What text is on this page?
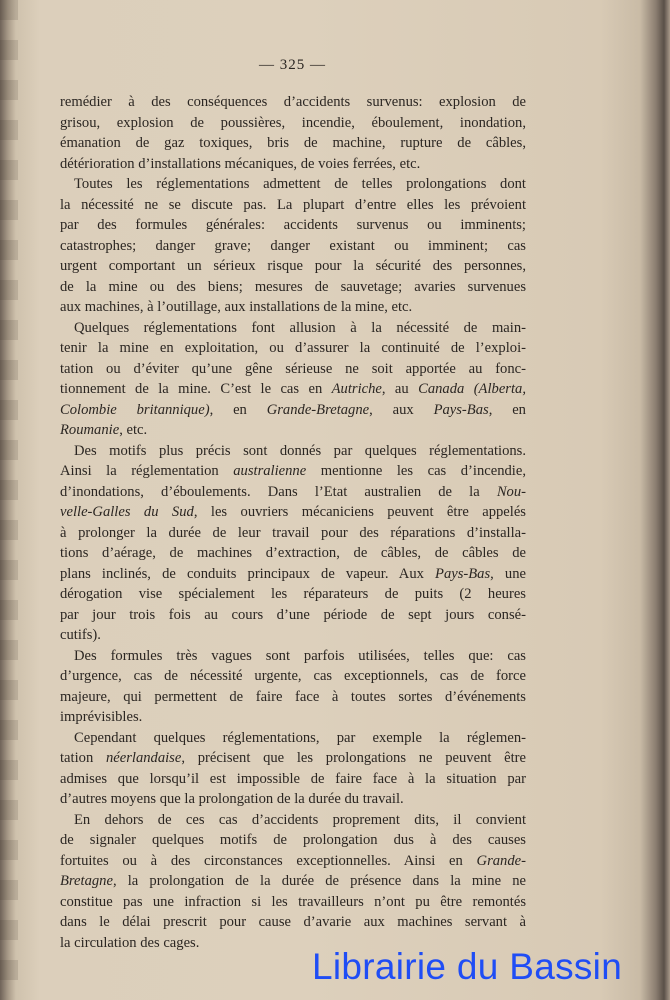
— 325 —
remédier à des conséquences d’accidents survenus: explosion de
grisou, explosion de poussières, incendie, éboulement, inondation,
émanation de gaz toxiques, bris de machine, rupture de câbles,
détérioration d’installations mécaniques, de voies ferrées, etc.
Toutes les réglementations admettent de telles prolongations dont
la nécessité ne se discute pas. La plupart d’entre elles les prévoient
par des formules générales: accidents survenus ou imminents;
catastrophes; danger grave; danger existant ou imminent; cas
urgent comportant un sérieux risque pour la sécurité des personnes,
de la mine ou des biens; mesures de sauvetage; avaries survenues
aux machines, à l’outillage, aux installations de la mine, etc.
Quelques réglementations font allusion à la nécessité de main-
tenir la mine en exploitation, ou d’assurer la continuité de l’exploi-
tation ou d’éviter qu’une gêne sérieuse ne soit apportée au fonc-
tionnement de la mine. C’est le cas en Autriche, au Canada (Alberta,
Colombie britannique), en Grande-Bretagne, aux Pays-Bas, en
Roumanie, etc.
Des motifs plus précis sont donnés par quelques réglementations.
Ainsi la réglementation australienne mentionne les cas d’incendie,
d’inondations, d’éboulements. Dans l’Etat australien de la Nou-
velle-Galles du Sud, les ouvriers mécaniciens peuvent être appelés
à prolonger la durée de leur travail pour des réparations d’installa-
tions d’aérage, de machines d’extraction, de câbles, de câbles de
plans inclinés, de conduits principaux de vapeur. Aux Pays-Bas, une
dérogation vise spécialement les réparateurs de puits (2 heures
par jour trois fois au cours d’une période de sept jours consé-
cutifs).
Des formules très vagues sont parfois utilisées, telles que: cas
d’urgence, cas de nécessité urgente, cas exceptionnels, cas de force
majeure, qui permettent de faire face à toutes sortes d’événements
imprévisibles.
Cependant quelques réglementations, par exemple la réglemen-
tation néerlandaise, précisent que les prolongations ne peuvent être
admises que lorsqu’il est impossible de faire face à la situation par
d’autres moyens que la prolongation de la durée du travail.
En dehors de ces cas d’accidents proprement dits, il convient
de signaler quelques motifs de prolongation dus à des causes
fortuites ou à des circonstances exceptionnelles. Ainsi en Grande-
Bretagne, la prolongation de la durée de présence dans la mine ne
constitue pas une infraction si les travailleurs n’ont pu être remontés
dans le délai prescrit pour cause d’avarie aux machines servant à
la circulation des cages.
Librairie du Bassin
